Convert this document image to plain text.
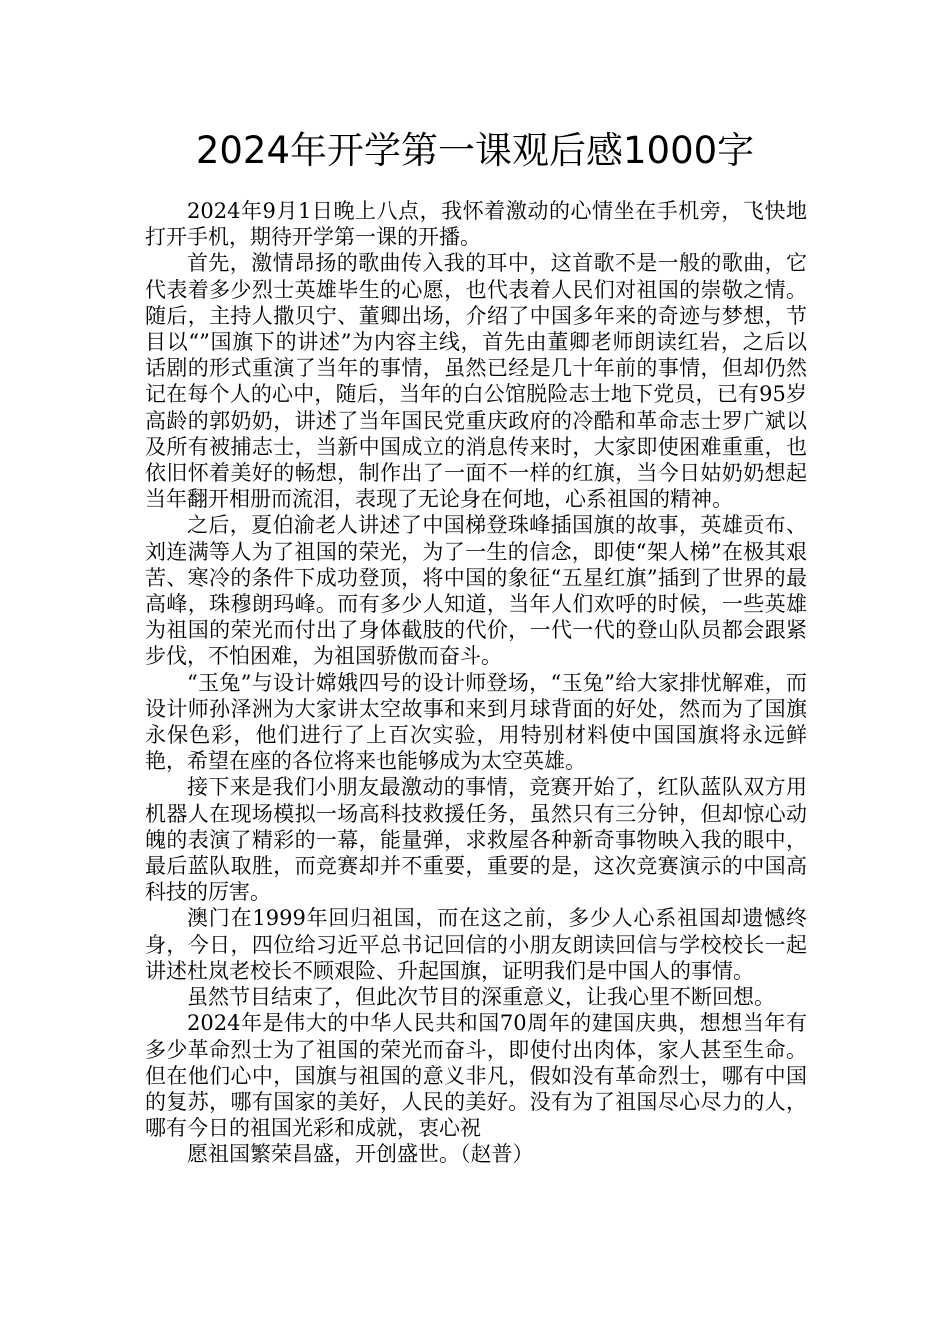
2024年开学第一课观后感1000字

2024年9月1日晚上八点，我怀着激动的心情坐在手机旁，飞快地打开手机，期待开学第一课的开播。

首先，激情昂扬的歌曲传入我的耳中，这首歌不是一般的歌曲，它代表着多少烈士英雄毕生的心愿，也代表着人民们对祖国的崇敬之情。随后，主持人撒贝宁、董卿出场，介绍了中国多年来的奇迹与梦想，节目以“”国旗下的讲述”为内容主线，首先由董卿老师朗读红岩，之后以话剧的形式重演了当年的事情，虽然已经是几十年前的事情，但却仍然记在每个人的心中，随后，当年的白公馆脱险志士地下党员，已有95岁高龄的郭奶奶，讲述了当年国民党重庆政府的冷酷和革命志士罗广斌以及所有被捕志士，当新中国成立的消息传来时，大家即使困难重重，也依旧怀着美好的畅想，制作出了一面不一样的红旗，当今日姑奶奶想起当年翻开相册而流泪，表现了无论身在何地，心系祖国的精神。

之后，夏伯渝老人讲述了中国梯登珠峰插国旗的故事，英雄贡布、刘连满等人为了祖国的荣光，为了一生的信念，即使“架人梯”在极其艰苦、寒冷的条件下成功登顶，将中国的象征“五星红旗”插到了世界的最高峰，珠穆朗玛峰。而有多少人知道，当年人们欢呼的时候，一些英雄为祖国的荣光而付出了身体截肢的代价，一代一代的登山队员都会跟紧步伐，不怕困难，为祖国骄傲而奋斗。

“玉兔”与设计嫦娥四号的设计师登场，“玉兔”给大家排忧解难，而设计师孙泽洲为大家讲太空故事和来到月球背面的好处，然而为了国旗永保色彩，他们进行了上百次实验，用特别材料使中国国旗将永远鲜艳，希望在座的各位将来也能够成为太空英雄。

接下来是我们小朋友最激动的事情，竞赛开始了，红队蓝队双方用机器人在现场模拟一场高科技救援任务，虽然只有三分钟，但却惊心动魄的表演了精彩的一幕，能量弹，求救屋各种新奇事物映入我的眼中，最后蓝队取胜，而竞赛却并不重要，重要的是，这次竞赛演示的中国高科技的厉害。

澳门在1999年回归祖国，而在这之前，多少人心系祖国却遗憾终身，今日，四位给习近平总书记回信的小朋友朗读回信与学校校长一起讲述杜岚老校长不顾艰险、升起国旗，证明我们是中国人的事情。

虽然节目结束了，但此次节目的深重意义，让我心里不断回想。

2024年是伟大的中华人民共和国70周年的建国庆典，想想当年有多少革命烈士为了祖国的荣光而奋斗，即使付出肉体，家人甚至生命。但在他们心中，国旗与祖国的意义非凡，假如没有革命烈士，哪有中国的复苏，哪有国家的美好，人民的美好。没有为了祖国尽心尽力的人，哪有今日的祖国光彩和成就，衷心祝

愿祖国繁荣昌盛，开创盛世。（赵普）
